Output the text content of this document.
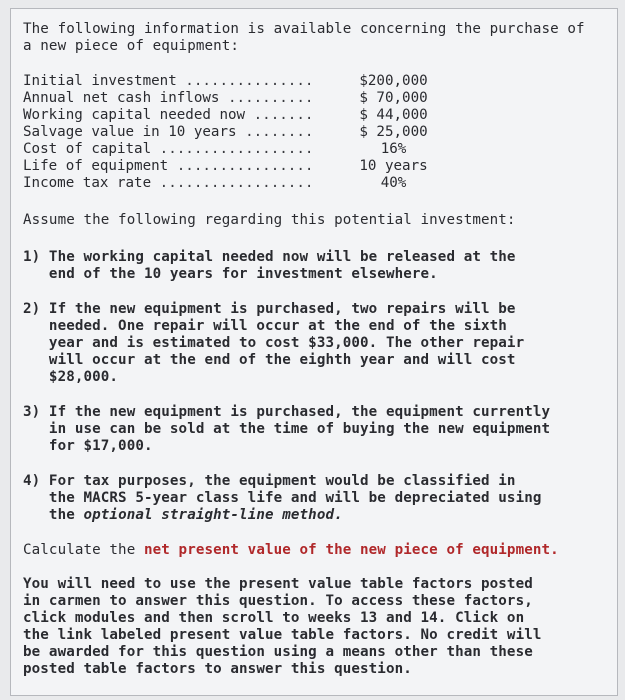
The following information is available concerning the purchase of
a new piece of equipment:
Initial investment ...............	$200,000
Annual net cash inflows ..........	$ 70,000
Working capital needed now .......	$ 44,000
Salvage value in 10 years ........	$ 25,000
Cost of capital ..................	16%
Life of equipment ................	10 years
Income tax rate ..................	40%
Assume the following regarding this potential investment:
1) The working capital needed now will be released at the
end of the 10 years for investment elsewhere.
2) If the new equipment is purchased, two repairs will be
needed. One repair will occur at the end of the sixth
year and is estimated to cost $33,000. The other repair
will occur at the end of the eighth year and will cost
$28,000.
3) If the new equipment is purchased, the equipment currently
in use can be sold at the time of buying the new equipment
for $17,000.
4) For tax purposes, the equipment would be classified in
the MACRS 5-year class life and will be depreciated using
the optional straight-line method.
Calculate the net present value of the new piece of equipment.
You will need to use the present value table factors posted
in carmen to answer this question. To access these factors,
click modules and then scroll to weeks 13 and 14. Click on
the link labeled present value table factors. No credit will
be awarded for this question using a means other than these
posted table factors to answer this question.
